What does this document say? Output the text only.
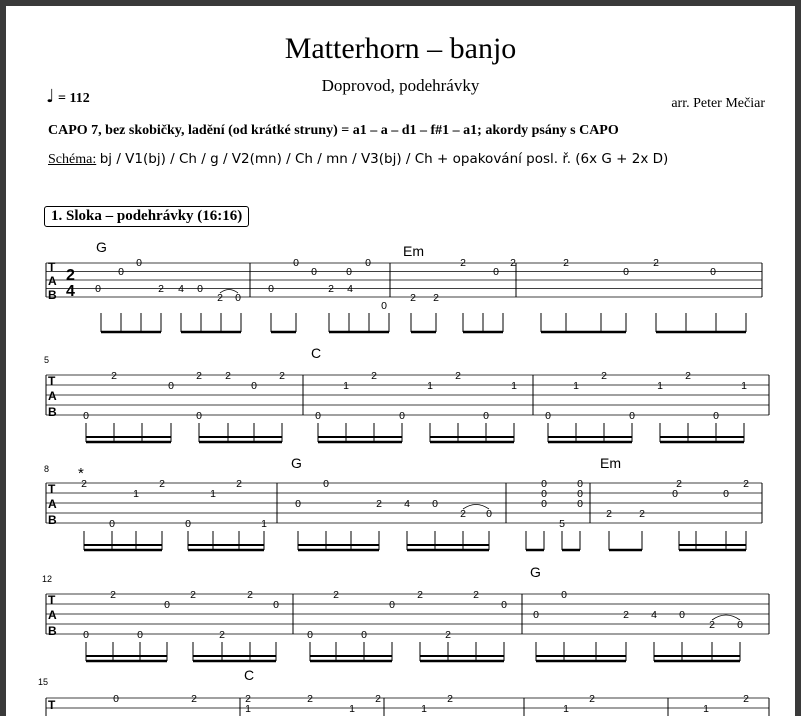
Matterhorn – banjo
Doprovod, podehrávky
♩ = 112	arr. Peter Mečiar
CAPO 7, bez skobičky, ladění (od krátké struny) = a1 – a – d1 – f#1 – a1; akordy psány s CAPO
Schéma: bj / V1(bj) / Ch / g / V2(mn) / Ch / mn / V3(bj) / Ch + opakování posl. ř. (6x G + 2x D)
1. Sloka – podehrávky (16:16)
T
A
B
2
4
G	Em
0
0
0
2 4 0
2 0
0
0
0
2 4
0
0
0
2 2
2
0
2	2
0
2
0
5
T
A
B
C
0
2
0
2
0
2
0
2
0
1
2
0
1
2
0
1
0
1
2
0
1
2
0
1
8 *
T
A
B
G	Em
2
1
2
0
1
2
0	1
0
0
2 4 0
2 0
0
0
0
0
0
0
5
2	2
2
0
2
0
12
T
A
B
G
0
2
0
2
0
2
0
2	0
2
0
2
0
2
0
2
0
0
2 4 0
2 0
15	C
T	0	2	2
1
2
1
2
1
2
1
2
1
2
